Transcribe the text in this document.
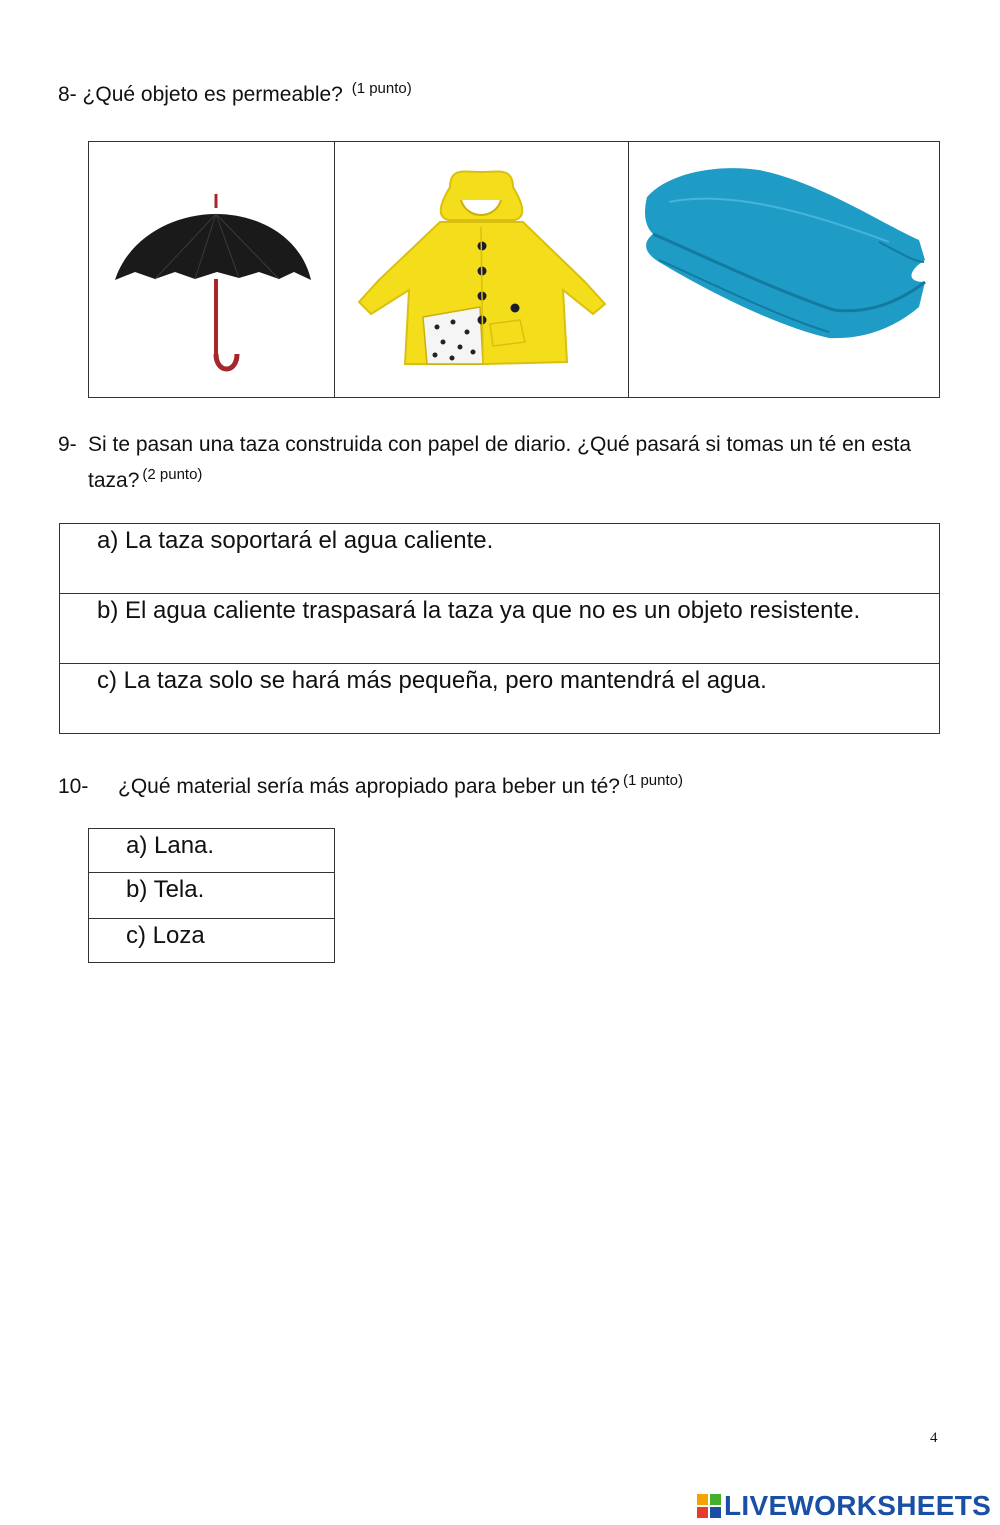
8- ¿Qué objeto es permeable? $^{(1 punto)}$

9- Si te pasan una taza construida con papel de diario. ¿Qué pasará si tomas un té en esta taza? $^{(2 punto)}$
a) La taza soportará el agua caliente.

b) El agua caliente traspasará la taza ya que no es un objeto resistente.

c) La taza solo se hará más pequeña, pero mantendrá el agua.
10- ¿Qué material sería más apropiado para beber un té? $^{(1 punto)}$
a) Lana.

b) Tela.

c) Loza
4
LIVEWORKSHEETS
